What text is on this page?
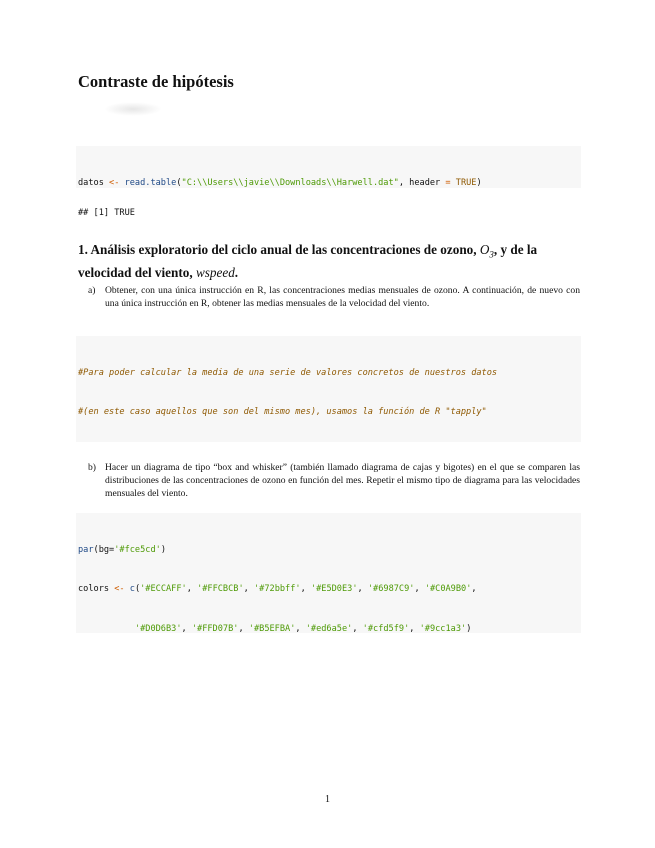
Contraste de hipótesis

datos <- read.table("C:\\Users\\javie\\Downloads\\Harwell.dat", header = TRUE)

## [1] TRUE
1. Análisis exploratorio del ciclo anual de las concentraciones de ozono, $O_3$, y de la velocidad del viento, wspeed.
a) Obtener, con una única instrucción en R, las concentraciones medias mensuales de ozono. A continuación, de nuevo con una única instrucción en R, obtener las medias mensuales de la velocidad del viento.

#Para poder calcular la media de una serie de valores concretos de nuestros datos

#(en este caso aquellos que son del mismo mes), usamos la función de R "tapply"

b) Hacer un diagrama de tipo “box and whisker” (también llamado diagrama de cajas y bigotes) en el que se comparen las distribuciones de las concentraciones de ozono en función del mes. Repetir el mismo tipo de diagrama para las velocidades mensuales del viento.

par(bg='#fce5cd')

colors <- c('#ECCAFF', '#FFCBCB', '#72bbff', '#E5D0E3', '#6987C9', '#C0A9B0',

'#D0D6B3', '#FFD07B', '#B5EFBA', '#ed6a5e', '#cfd5f9', '#9cc1a3')

1
